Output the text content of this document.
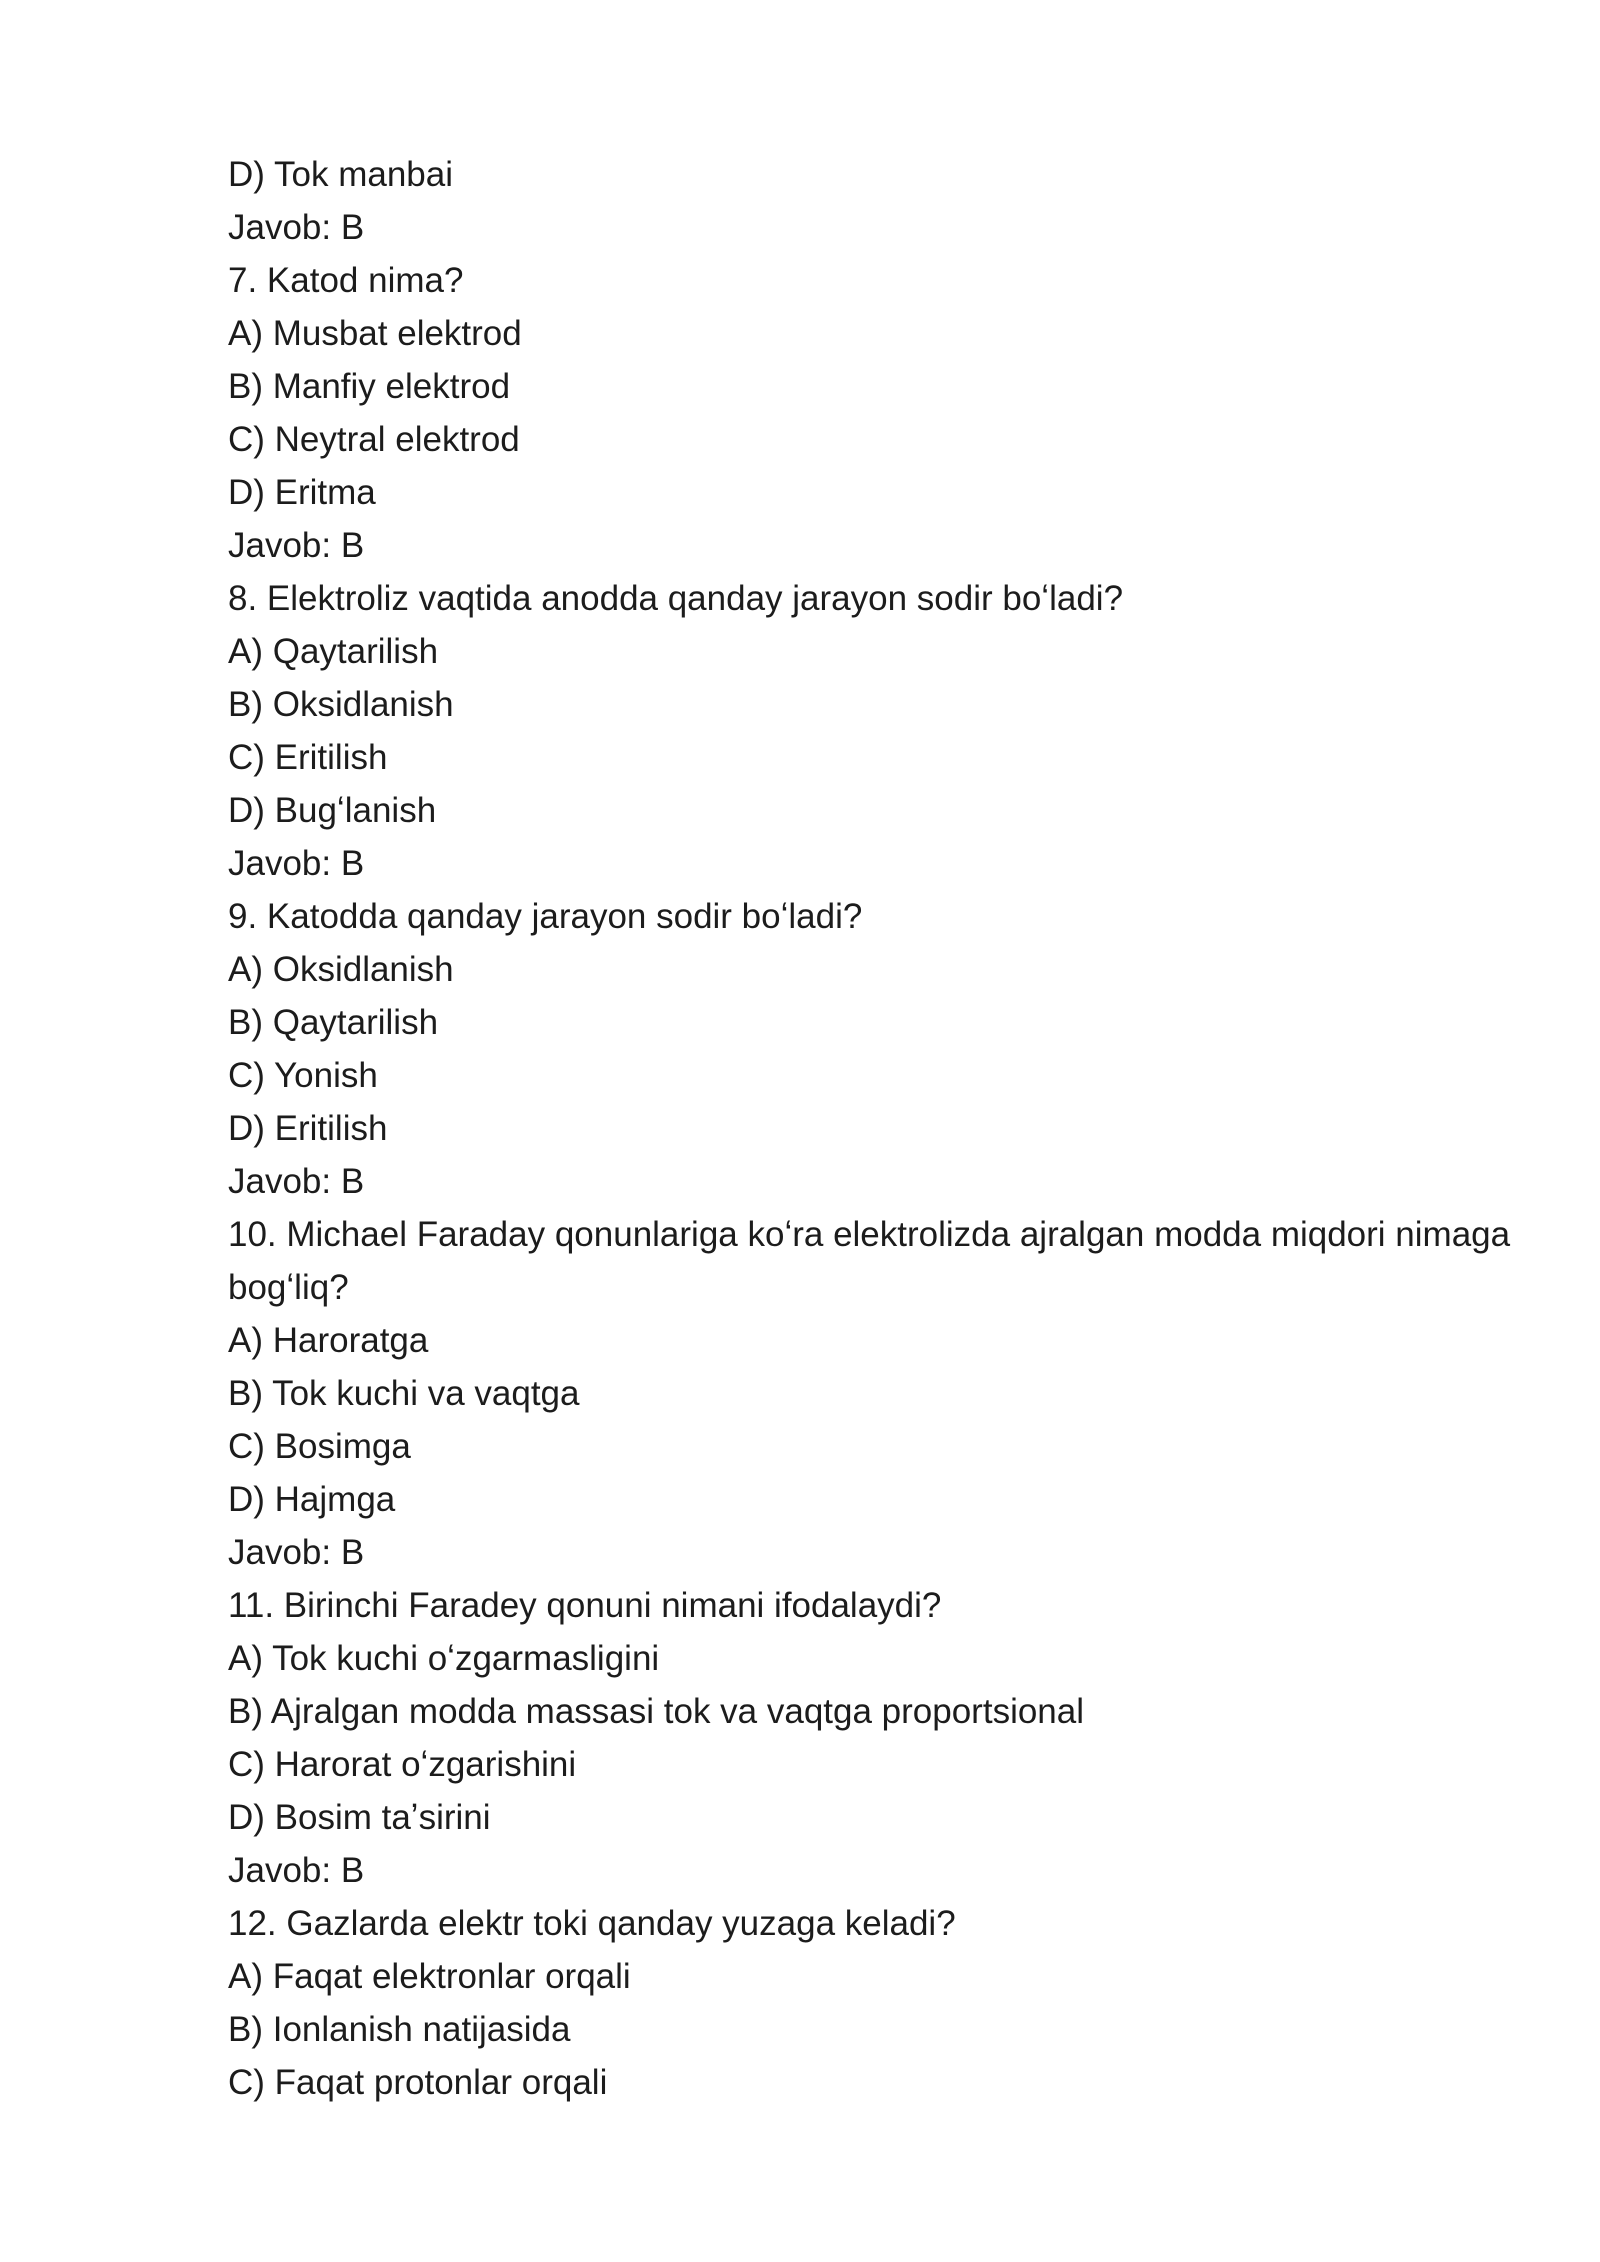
D) Tok manbai

Javob: B

7. Katod nima?

A) Musbat elektrod

B) Manfiy elektrod

C) Neytral elektrod

D) Eritma

Javob: B

8. Elektroliz vaqtida anodda qanday jarayon sodir boʻladi?

A) Qaytarilish

B) Oksidlanish

C) Eritilish

D) Bugʻlanish

Javob: B

9. Katodda qanday jarayon sodir boʻladi?

A) Oksidlanish

B) Qaytarilish

C) Yonish

D) Eritilish

Javob: B

10. Michael Faraday qonunlariga koʻra elektrolizda ajralgan modda miqdori nimaga

bogʻliq?

A) Haroratga

B) Tok kuchi va vaqtga

C) Bosimga

D) Hajmga

Javob: B

11. Birinchi Faradey qonuni nimani ifodalaydi?

A) Tok kuchi oʻzgarmasligini

B) Ajralgan modda massasi tok va vaqtga proportsional

C) Harorat oʻzgarishini

D) Bosim taʼsirini

Javob: B

12. Gazlarda elektr toki qanday yuzaga keladi?

A) Faqat elektronlar orqali

B) Ionlanish natijasida

C) Faqat protonlar orqali
